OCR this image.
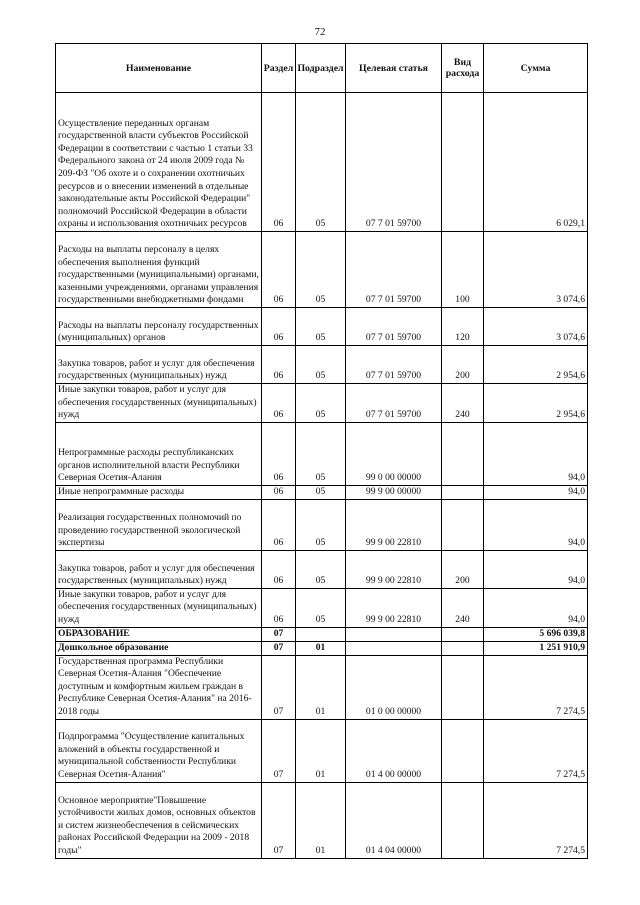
72
Наименование	Раздел	Подраздел	Целевая статья	Вид расхода	Сумма
Осуществление переданных органам государственной власти субъектов Российской Федерации в соответствии с частью 1 статьи 33 Федерального закона от 24 июля 2009 года № 209-ФЗ "Об охоте и о сохранении охотничьих ресурсов и о внесении изменений в отдельные законодательные акты Российской Федерации" полномочий Российской Федерации в области охраны и использования охотничьих ресурсов	06	05	07 7 01 59700		6 029,1
Расходы на выплаты персоналу в целях обеспечения выполнения функций государственными (муниципальными) органами, казенными учреждениями, органами управления государственными внебюджетными фондами	06	05	07 7 01 59700	100	3 074,6
Расходы на выплаты персоналу государственных (муниципальных) органов	06	05	07 7 01 59700	120	3 074,6
Закупка товаров, работ и услуг для обеспечения государственных (муниципальных) нужд	06	05	07 7 01 59700	200	2 954,6
Иные закупки товаров, работ и услуг для обеспечения государственных (муниципальных) нужд	06	05	07 7 01 59700	240	2 954,6
Непрограммные расходы республиканских органов исполнительной власти Республики Северная Осетия-Алания	06	05	99 0 00 00000		94,0
Иные непрограммные расходы	06	05	99 9 00 00000		94,0
Реализация государственных полномочий по проведению государственной экологической экспертизы	06	05	99 9 00 22810		94,0
Закупка товаров, работ и услуг для обеспечения государственных (муниципальных) нужд	06	05	99 9 00 22810	200	94,0
Иные закупки товаров, работ и услуг для обеспечения государственных (муниципальных) нужд	06	05	99 9 00 22810	240	94,0
ОБРАЗОВАНИЕ	07				5 696 039,8
Дошкольное образование	07	01			1 251 910,9
Государственная программа Республики Северная Осетия-Алания "Обеспечение доступным и комфортным жильем граждан в Республике Северная Осетия-Алания" на 2016-2018 годы	07	01	01 0 00 00000		7 274,5
Подпрограмма "Осуществление капитальных вложений в объекты государственной и муниципальной собственности Республики Северная Осетия-Алания"	07	01	01 4 00 00000		7 274,5
Основное мероприятие"Повышение устойчивости жилых домов, основных объектов и систем жизнеобеспечения в сейсмических районах Российской Федерации на 2009 - 2018 годы"	07	01	01 4 04 00000		7 274,5
